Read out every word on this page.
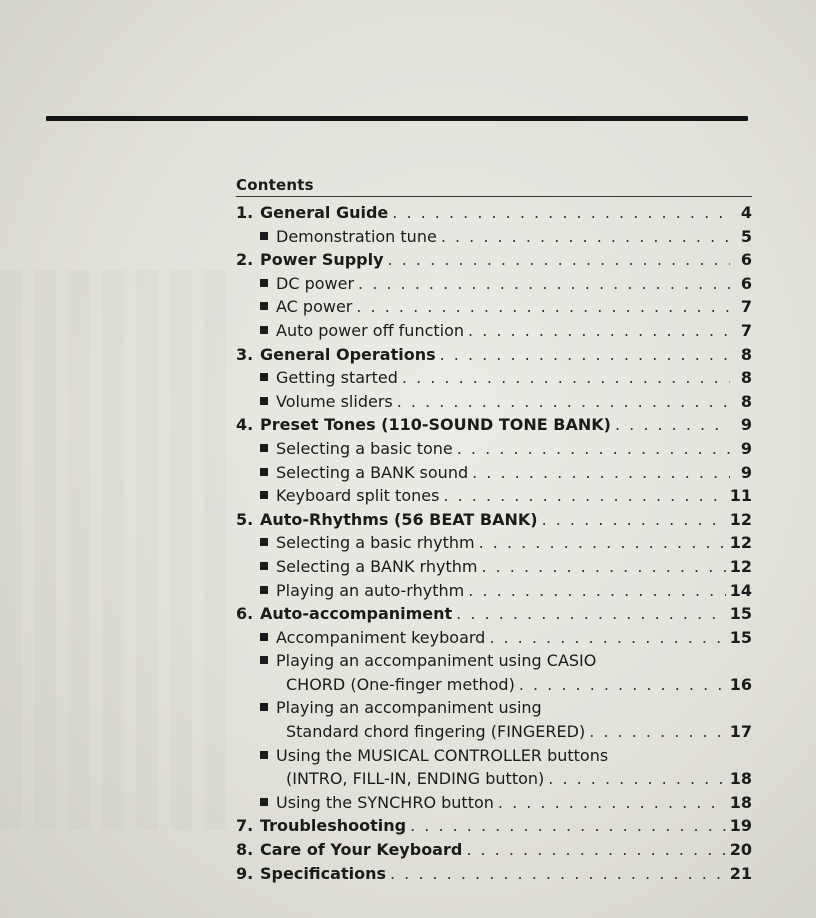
Contents
1. General Guide . . .	4
Demonstration tune . . .	5
2. Power Supply . . .	6
DC power . . .	6
AC power . . .	7
Auto power off function . . .	7
3. General Operations . . .	8
Getting started . . .	8
Volume sliders . . .	8
4. Preset Tones (110-SOUND TONE BANK) . . .	9
Selecting a basic tone . . .	9
Selecting a BANK sound . . .	9
Keyboard split tones . . .	11
5. Auto-Rhythms (56 BEAT BANK) . . .	12
Selecting a basic rhythm . . .	12
Selecting a BANK rhythm . . .	12
Playing an auto-rhythm . . .	14
6. Auto-accompaniment . . .	15
Accompaniment keyboard . . .	15
Playing an accompaniment using CASIO
CHORD (One-finger method) . . .	16
Playing an accompaniment using
Standard chord fingering (FINGERED) . . .	17
Using the MUSICAL CONTROLLER buttons
(INTRO, FILL-IN, ENDING button) . . .	18
Using the SYNCHRO button . . .	18
7. Troubleshooting . . .	19
8. Care of Your Keyboard . . .	20
9. Specifications . . .	21
